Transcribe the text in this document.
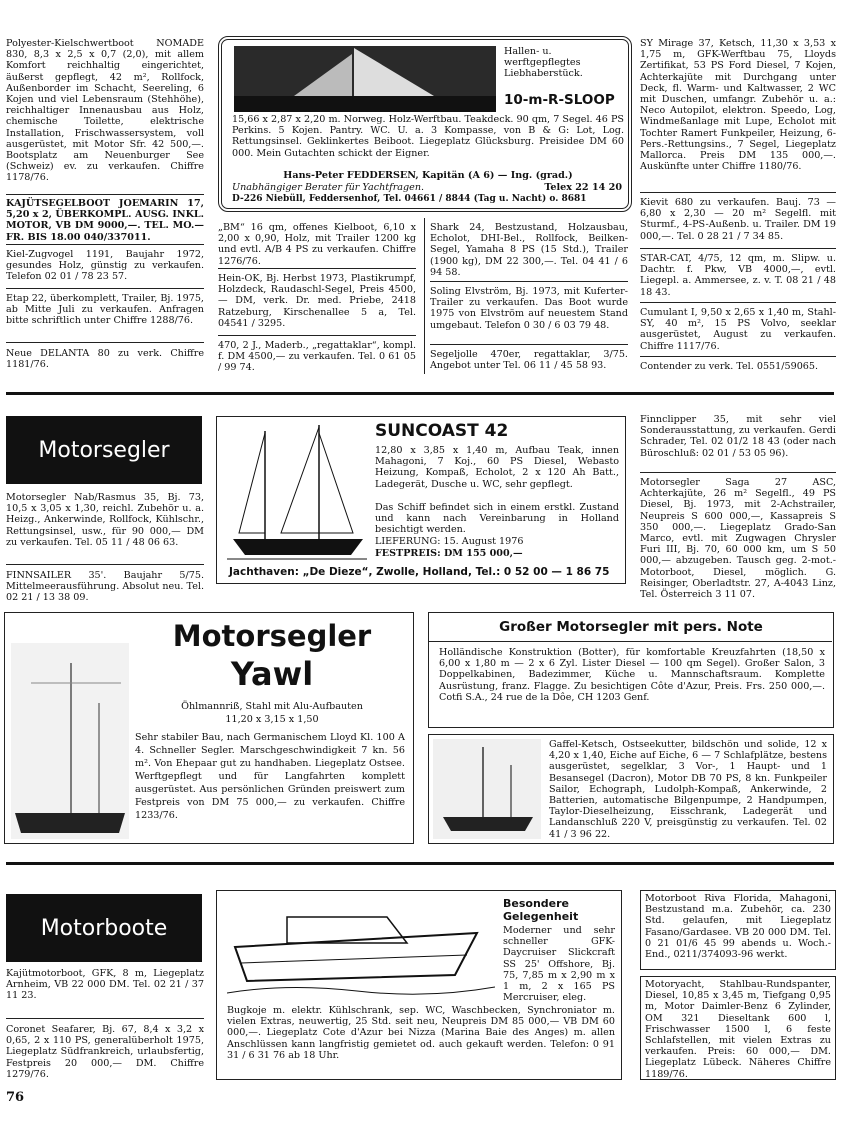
Polyester-Kielschwertboot NOMADE 830, 8,3 x 2,5 x 0,7 (2,0), mit allem Komfort reichhaltig eingerichtet, äußerst gepflegt, 42 m², Rollfock, Außenborder im Schacht, Seereling, 6 Kojen und viel Lebensraum (Stehhöhe), reichhaltiger Innenausbau aus Holz, chemische Toilette, elektrische Installation, Frischwassersystem, voll ausgerüstet, mit Motor Sfr. 42 500,—. Bootsplatz am Neuenburger See (Schweiz) ev. zu verkaufen. Chiffre 1178/76.
KAJÜTSEGELBOOT JOEMARIN 17, 5,20 x 2, ÜBERKOMPL. AUSG. INKL. MOTOR, VB DM 9000,—. TEL. MO.—FR. BIS 18.00 040/337011.
Kiel-Zugvogel 1191, Baujahr 1972, gesundes Holz, günstig zu verkaufen. Telefon 02 01 / 78 23 57.
Etap 22, überkomplett, Trailer, Bj. 1975, ab Mitte Juli zu verkaufen. Anfragen bitte schriftlich unter Chiffre 1288/76.
Neue DELANTA 80 zu verk. Chiffre 1181/76.
Hallen- u. werftgepflegtes Liebhaberstück.
10-m-R-SLOOP
15,66 x 2,87 x 2,20 m. Norweg. Holz-Werftbau. Teakdeck. 90 qm, 7 Segel. 46 PS Perkins. 5 Kojen. Pantry. WC. U. a. 3 Kompasse, von B & G: Lot, Log. Rettungsinsel. Geklinkertes Beiboot. Liegeplatz Glücksburg. Preisidee DM 60 000. Mein Gutachten schickt der Eigner.
Hans-Peter FEDDERSEN, Kapitän (A 6) — Ing. (grad.)
Unabhängiger Berater für Yachtfragen.	Telex 22 14 20
D-226 Niebüll, Feddersenhof, Tel. 04661 / 8844 (Tag u. Nacht) o. 8681
„BM“ 16 qm, offenes Kielboot, 6,10 x 2,00 x 0,90, Holz, mit Trailer 1200 kg und evtl. A/B 4 PS zu verkaufen. Chiffre 1276/76.
Hein-OK, Bj. Herbst 1973, Plastikrumpf, Holzdeck, Raudaschl-Segel, Preis 4500,— DM, verk. Dr. med. Priebe, 2418 Ratzeburg, Kirschenallee 5 a, Tel. 04541 / 3295.
470, 2 J., Maderb., „regattaklar“, kompl. f. DM 4500,— zu verkaufen. Tel. 0 61 05 / 99 74.
Shark 24, Bestzustand, Holzausbau, Echolot, DHI-Bel., Rollfock, Beilken-Segel, Yamaha 8 PS (15 Std.), Trailer (1900 kg), DM 22 300,—. Tel. 04 41 / 6 94 58.
Soling Elvström, Bj. 1973, mit Kuferter-Trailer zu verkaufen. Das Boot wurde 1975 von Elvström auf neuestem Stand umgebaut. Telefon 0 30 / 6 03 79 48.
Segeljolle 470er, regattaklar, 3/75. Angebot unter Tel. 06 11 / 45 58 93.
SY Mirage 37, Ketsch, 11,30 x 3,53 x 1,75 m, GFK-Werftbau 75, Lloyds Zertifikat, 53 PS Ford Diesel, 7 Kojen, Achterkajüte mit Durchgang unter Deck, fl. Warm- und Kaltwasser, 2 WC mit Duschen, umfangr. Zubehör u. a.: Neco Autopilot, elektron. Speedo, Log, Windmeßanlage mit Lupe, Echolot mit Tochter Ramert Funkpeiler, Heizung, 6-Pers.-Rettungsins., 7 Segel, Liegeplatz Mallorca. Preis DM 135 000,—. Auskünfte unter Chiffre 1180/76.
Kievit 680 zu verkaufen. Bauj. 73 — 6,80 x 2,30 — 20 m² Segelfl. mit Sturmf., 4-PS-Außenb. u. Trailer. DM 19 000,—. Tel. 0 28 21 / 7 34 85.
STAR-CAT, 4/75, 12 qm, m. Slipw. u. Dachtr. f. Pkw, VB 4000,—, evtl. Liegepl. a. Ammersee, z. v. T. 08 21 / 48 18 43.
Cumulant I, 9,50 x 2,65 x 1,40 m, Stahl-SY, 40 m², 15 PS Volvo, seeklar ausgerüstet, August zu verkaufen. Chiffre 1117/76.
Contender zu verk. Tel. 0551/59065.
Motorsegler
Motorsegler Nab/Rasmus 35, Bj. 73, 10,5 x 3,05 x 1,30, reichl. Zubehör u. a. Heizg., Ankerwinde, Rollfock, Kühlschr., Rettungsinsel, usw., für 90 000,— DM zu verkaufen. Tel. 05 11 / 48 06 63.
FINNSAILER 35'. Baujahr 5/75. Mittelmeerausführung. Absolut neu. Tel. 02 21 / 13 38 09.
SUNCOAST 42
12,80 x 3,85 x 1,40 m, Aufbau Teak, innen Mahagoni, 7 Koj., 60 PS Diesel, Webasto Heizung, Kompaß, Echolot, 2 x 120 Ah Batt., Ladegerät, Dusche u. WC, sehr gepflegt.
Das Schiff befindet sich in einem erstkl. Zustand und kann nach Vereinbarung in Holland besichtigt werden.
LIEFERUNG: 15. August 1976
FESTPREIS: DM 155 000,—
Jachthaven: „De Dieze“, Zwolle, Holland, Tel.: 0 52 00 — 1 86 75
Finnclipper 35, mit sehr viel Sonderausstattung, zu verkaufen. Gerdi Schrader, Tel. 02 01/2 18 43 (oder nach Büroschluß: 02 01 / 53 05 96).
Motorsegler Saga 27 ASC, Achterkajüte, 26 m² Segelfl., 49 PS Diesel, Bj. 1973, mit 2-Achstrailer, Neupreis S 600 000,—, Kassapreis S 350 000,—. Liegeplatz Grado-San Marco, evtl. mit Zugwagen Chrysler Furi III, Bj. 70, 60 000 km, um S 50 000,— abzugeben. Tausch geg. 2-mot.-Motorboot, Diesel, möglich. G. Reisinger, Oberladtstr. 27, A-4043 Linz, Tel. Österreich 3 11 07.
Motorsegler
Yawl
Öhlmannriß, Stahl mit Alu-Aufbauten
11,20 x 3,15 x 1,50
Sehr stabiler Bau, nach Germanischem Lloyd Kl. 100 A 4. Schneller Segler. Marschgeschwindigkeit 7 kn. 56 m². Von Ehepaar gut zu handhaben. Liegeplatz Ostsee. Werftgepflegt und für Langfahrten komplett ausgerüstet. Aus persönlichen Gründen preiswert zum Festpreis von DM 75 000,— zu verkaufen. Chiffre 1233/76.
Großer Motorsegler mit pers. Note
Holländische Konstruktion (Botter), für komfortable Kreuzfahrten (18,50 x 6,00 x 1,80 m — 2 x 6 Zyl. Lister Diesel — 100 qm Segel). Großer Salon, 3 Doppelkabinen, Badezimmer, Küche u. Mannschaftsraum. Komplette Ausrüstung, franz. Flagge. Zu besichtigen Côte d'Azur, Preis. Frs. 250 000,—. Cotfi S.A., 24 rue de la Dôe, CH 1203 Genf.
Gaffel-Ketsch, Ostseekutter, bildschön und solide, 12 x 4,20 x 1,40, Eiche auf Eiche, 6 — 7 Schlafplätze, bestens ausgerüstet, segelklar, 3 Vor-, 1 Haupt- und 1 Besansegel (Dacron), Motor DB 70 PS, 8 kn. Funkpeiler Sailor, Echograph, Ludolph-Kompaß, Ankerwinde, 2 Batterien, automatische Bilgenpumpe, 2 Handpumpen, Taylor-Dieselheizung, Eisschrank, Ladegerät und Landanschluß 220 V, preisgünstig zu verkaufen. Tel. 02 41 / 3 96 22.
Motorboote
Kajütmotorboot, GFK, 8 m, Liegeplatz Arnheim, VB 22 000 DM. Tel. 02 21 / 37 11 23.
Coronet Seafarer, Bj. 67, 8,4 x 3,2 x 0,65, 2 x 110 PS, generalüberholt 1975, Liegeplatz Südfrankreich, urlaubsfertig, Festpreis 20 000,— DM. Chiffre 1279/76.
Besondere Gelegenheit
Moderner und sehr schneller GFK-Daycruiser Slickcraft SS 25' Offshore, Bj. 75, 7,85 m x 2,90 m x 1 m, 2 x 165 PS Mercruiser, eleg.
Bugkoje m. elektr. Kühlschrank, sep. WC, Waschbecken, Synchroniator m. vielen Extras, neuwertig, 25 Std. seit neu, Neupreis DM 85 000,— VB DM 60 000,—. Liegeplatz Cote d'Azur bei Nizza (Marina Baie des Anges) m. allen Anschlüssen kann langfristig gemietet od. auch gekauft werden. Telefon: 0 91 31 / 6 31 76 ab 18 Uhr.
Motorboot Riva Florida, Mahagoni, Bestzustand m.a. Zubehör, ca. 230 Std. gelaufen, mit Liegeplatz Fasano/Gardasee. VB 20 000 DM. Tel. 0 21 01/6 45 99 abends u. Woch.-End., 0211/374093-96 werkt.
Motoryacht, Stahlbau-Rundspanter, Diesel, 10,85 x 3,45 m, Tiefgang 0,95 m, Motor Daimler-Benz 6 Zylinder, OM 321 Dieseltank 600 l, Frischwasser 1500 l, 6 feste Schlafstellen, mit vielen Extras zu verkaufen. Preis: 60 000,— DM. Liegeplatz Lübeck. Näheres Chiffre 1189/76.
76
